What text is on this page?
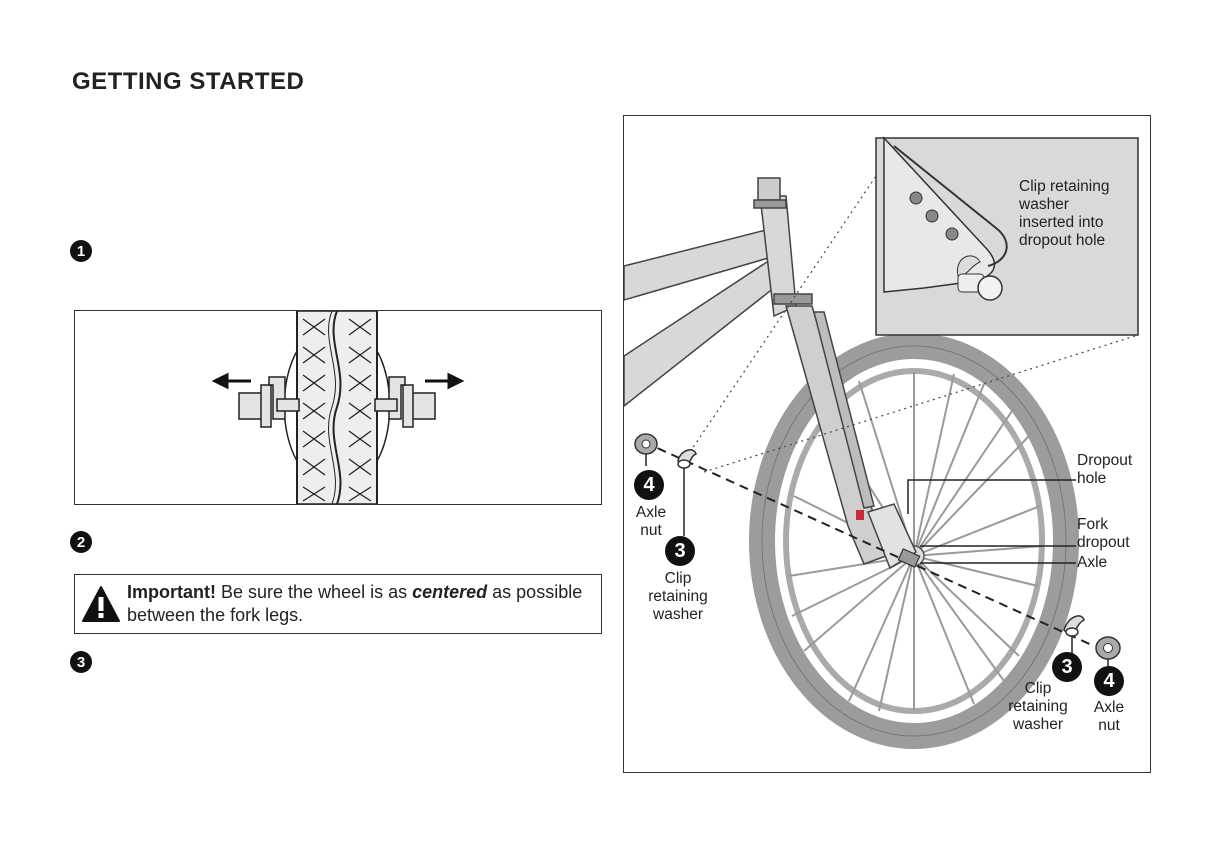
GETTING STARTED
1
2
Important! Be sure the wheel is as centered as possible
between the fork legs.
3
Clip retaining
washer
inserted into
dropout hole
Dropout
hole
Fork
dropout
Axle
4
Axle
nut
3
Clip
retaining
washer
3
Clip
retaining
washer
4
Axle
nut
